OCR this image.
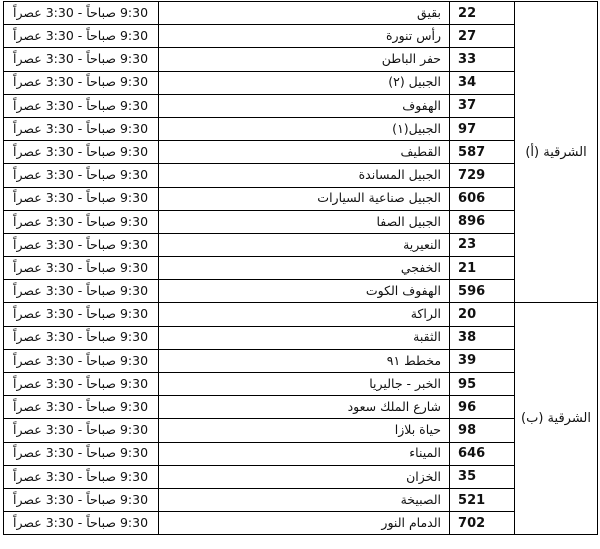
الشرقية (أ)	22	بقيق	9:30 صباحاً - 3:30 عصراً
	27	رأس تنورة	9:30 صباحاً - 3:30 عصراً
	33	حفر الباطن	9:30 صباحاً - 3:30 عصراً
	34	الجبيل (٢)	9:30 صباحاً - 3:30 عصراً
	37	الهفوف	9:30 صباحاً - 3:30 عصراً
	97	الجبيل(١)	9:30 صباحاً - 3:30 عصراً
	587	القطيف	9:30 صباحاً - 3:30 عصراً
	729	الجبيل المساندة	9:30 صباحاً - 3:30 عصراً
	606	الجبيل صناعية السيارات	9:30 صباحاً - 3:30 عصراً
	896	الجبيل الصفا	9:30 صباحاً - 3:30 عصراً
	23	النعيرية	9:30 صباحاً - 3:30 عصراً
	21	الخفجي	9:30 صباحاً - 3:30 عصراً
	596	الهفوف الكوت	9:30 صباحاً - 3:30 عصراً
الشرقية (ب)	20	الراكة	9:30 صباحاً - 3:30 عصراً
	38	الثقبة	9:30 صباحاً - 3:30 عصراً
	39	مخطط ٩١	9:30 صباحاً - 3:30 عصراً
	95	الخبر - جاليريا	9:30 صباحاً - 3:30 عصراً
	96	شارع الملك سعود	9:30 صباحاً - 3:30 عصراً
	98	حياة بلازا	9:30 صباحاً - 3:30 عصراً
	646	الميناء	9:30 صباحاً - 3:30 عصراً
	35	الخزان	9:30 صباحاً - 3:30 عصراً
	521	الصبيخة	9:30 صباحاً - 3:30 عصراً
	702	الدمام النور	9:30 صباحاً - 3:30 عصراً
